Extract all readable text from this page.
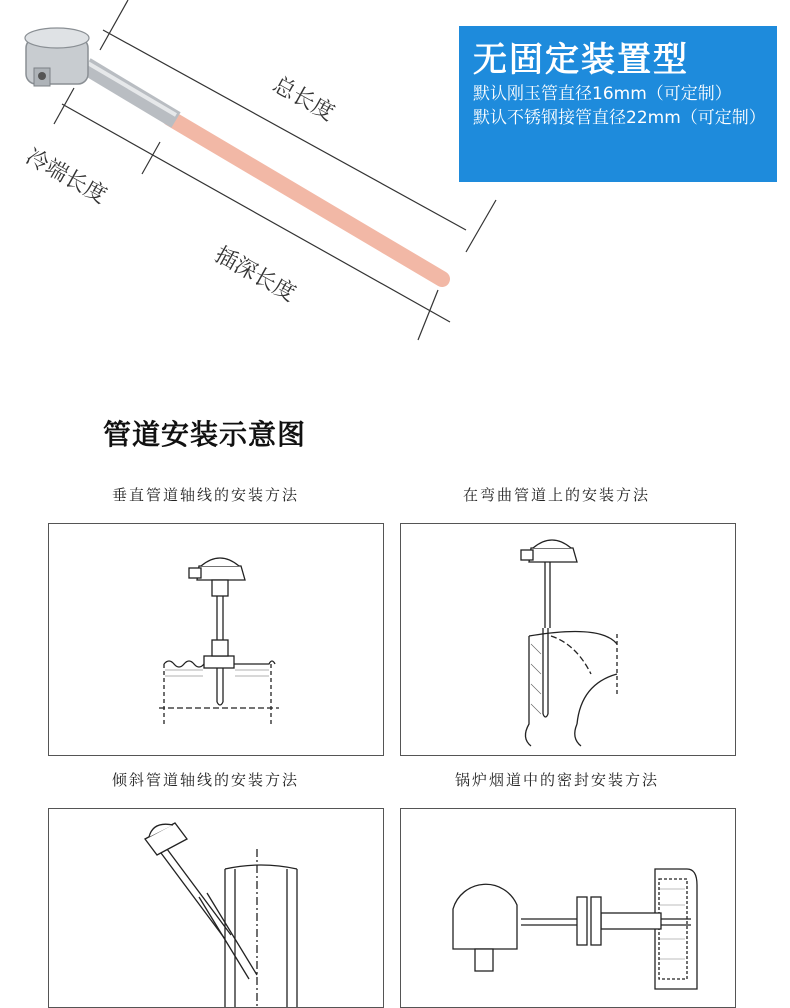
总长度
冷端长度
插深长度
无固定装置型
默认刚玉管直径16mm（可定制）
默认不锈钢接管直径22mm（可定制）
管道安装示意图
垂直管道轴线的安装方法	在弯曲管道上的安装方法
倾斜管道轴线的安装方法	锅炉烟道中的密封安装方法
